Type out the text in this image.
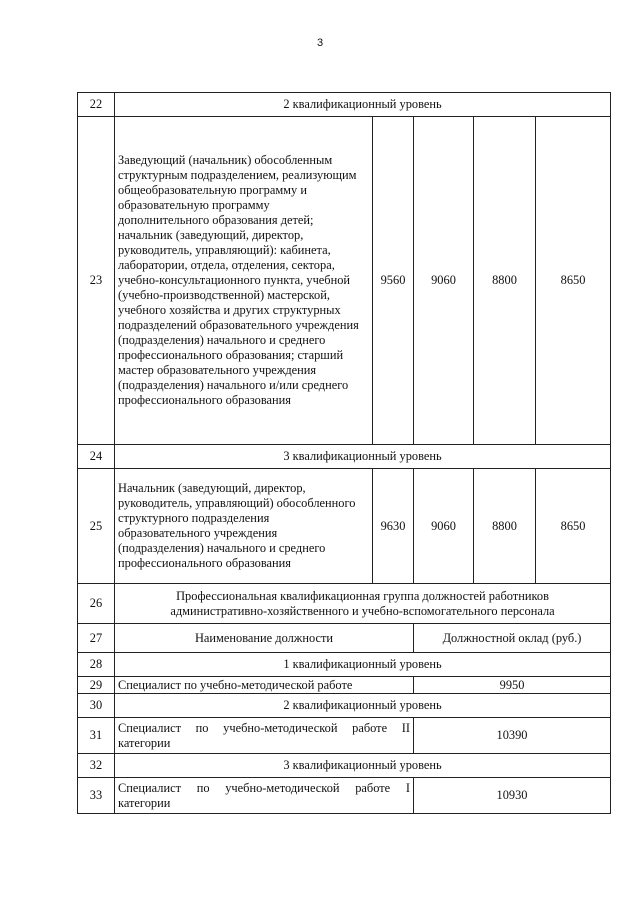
3
22	2 квалификационный уровень				
23	Заведующий (начальник) обособленным структурным подразделением, реализующим общеобразовательную программу и образовательную программу дополнительного образования детей; начальник (заведующий, директор, руководитель, управляющий): кабинета, лаборатории, отдела, отделения, сектора, учебно-консультационного пункта, учебной (учебно-производственной) мастерской, учебного хозяйства и других структурных подразделений образовательного учреждения (подразделения) начального и среднего профессионального образования; старший мастер образовательного учреждения (подразделения) начального и/или среднего профессионального образования	9560	9060	8800	8650
24	3 квалификационный уровень				
25	Начальник (заведующий, директор, руководитель, управляющий) обособленного структурного подразделения образовательного учреждения (подразделения) начального и среднего профессионального образования	9630	9060	8800	8650
26	Профессиональная квалификационная группа должностей работников административно-хозяйственного и учебно-вспомогательного персонала				
27	Наименование должности		Должностной оклад (руб.)		
28	1 квалификационный уровень				
29	Специалист по учебно-методической работе		9950		
30	2 квалификационный уровень				
31	Специалист по учебно-методической работе II категории		10390		
32	3 квалификационный уровень				
33	Специалист по учебно-методической работе I категории		10930		
